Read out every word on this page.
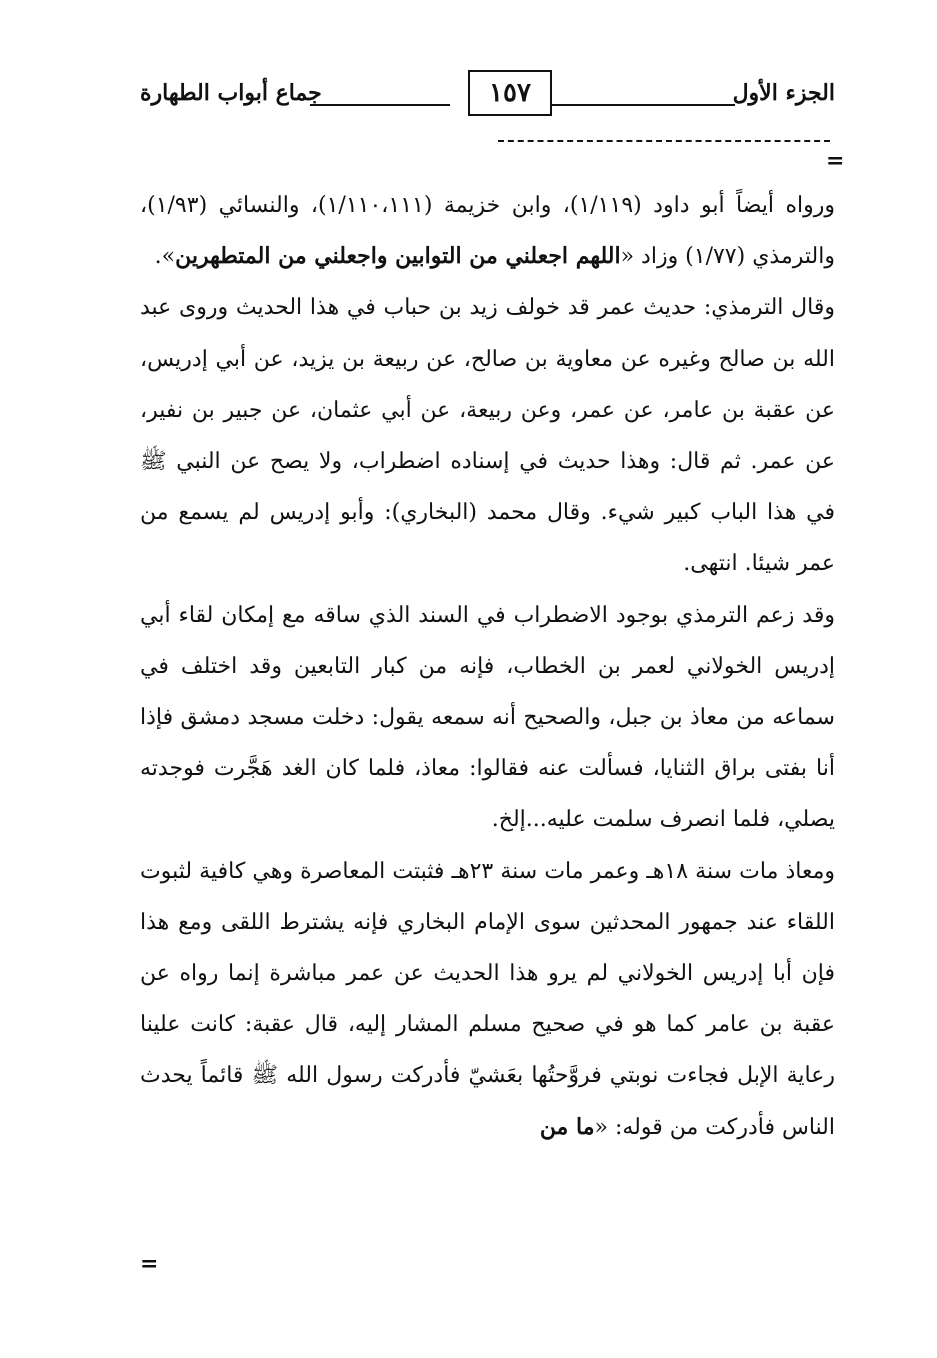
الجزء الأول
١٥٧
جماع أبواب الطهارة
=

ورواه أيضاً أبو داود (١/١١٩)، وابن خزيمة (١/١١٠،١١١)، والنسائي (١/٩٣)، والترمذي (١/٧٧) وزاد «اللهم اجعلني من التوابين واجعلني من المتطهرين».

وقال الترمذي: حديث عمر قد خولف زيد بن حباب في هذا الحديث وروى عبد الله بن صالح وغيره عن معاوية بن صالح، عن ربيعة بن يزيد، عن أبي إدريس، عن عقبة بن عامر، عن عمر، وعن ربيعة، عن أبي عثمان، عن جبير بن نفير، عن عمر. ثم قال: وهذا حديث في إسناده اضطراب، ولا يصح عن النبي ﷺ في هذا الباب كبير شيء. وقال محمد (البخاري): وأبو إدريس لم يسمع من عمر شيئا. انتهى.

وقد زعم الترمذي بوجود الاضطراب في السند الذي ساقه مع إمكان لقاء أبي إدريس الخولاني لعمر بن الخطاب، فإنه من كبار التابعين وقد اختلف في سماعه من معاذ بن جبل، والصحيح أنه سمعه يقول: دخلت مسجد دمشق فإذا أنا بفتى براق الثنايا، فسألت عنه فقالوا: معاذ، فلما كان الغد هَجَّرت فوجدته يصلي، فلما انصرف سلمت عليه...إلخ.

ومعاذ مات سنة ١٨هـ وعمر مات سنة ٢٣هـ فثبتت المعاصرة وهي كافية لثبوت اللقاء عند جمهور المحدثين سوى الإمام البخاري فإنه يشترط اللقى ومع هذا فإن أبا إدريس الخولاني لم يرو هذا الحديث عن عمر مباشرة إنما رواه عن عقبة بن عامر كما هو في صحيح مسلم المشار إليه، قال عقبة: كانت علينا رعاية الإبل فجاءت نوبتي فروَّحتُها بعَشيّ فأدركت رسول الله ﷺ قائماً يحدث الناس فأدركت من قوله: «ما من

=
